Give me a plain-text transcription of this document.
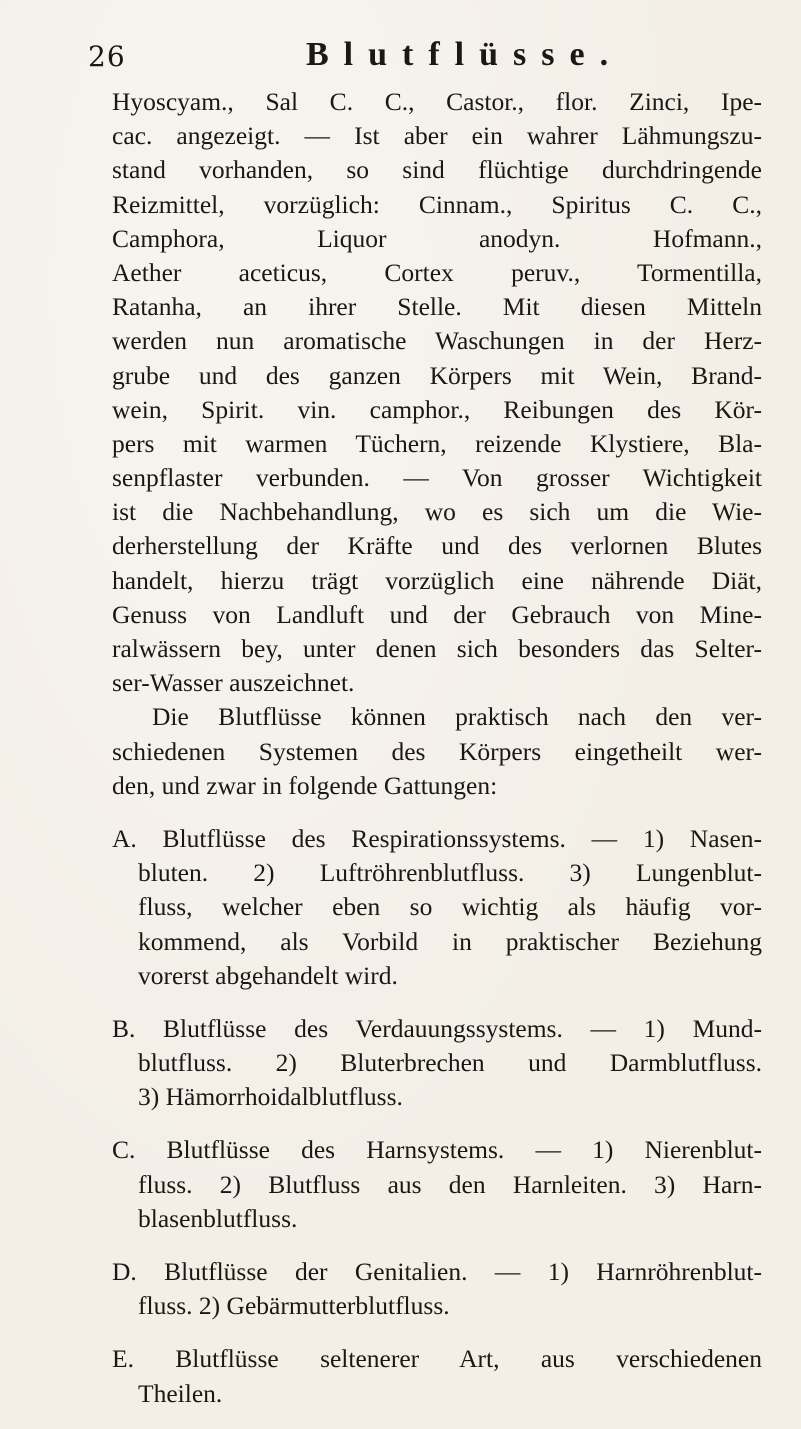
26	Blutflüsse.
Hyoscyam., Sal C. C., Castor., flor. Zinci, Ipe-
cac. angezeigt. — Ist aber ein wahrer Lähmungszu-
stand vorhanden, so sind flüchtige durchdringende
Reizmittel, vorzüglich: Cinnam., Spiritus C. C.,
Camphora, Liquor anodyn. Hofmann.,
Aether aceticus, Cortex peruv., Tormentilla,
Ratanha, an ihrer Stelle. Mit diesen Mitteln
werden nun aromatische Waschungen in der Herz-
grube und des ganzen Körpers mit Wein, Brand-
wein, Spirit. vin. camphor., Reibungen des Kör-
pers mit warmen Tüchern, reizende Klystiere, Bla-
senpflaster verbunden. — Von grosser Wichtigkeit
ist die Nachbehandlung, wo es sich um die Wie-
derherstellung der Kräfte und des verlornen Blutes
handelt, hierzu trägt vorzüglich eine nährende Diät,
Genuss von Landluft und der Gebrauch von Mine-
ralwässern bey, unter denen sich besonders das Selter-
ser-Wasser auszeichnet.
Die Blutflüsse können praktisch nach den ver-
schiedenen Systemen des Körpers eingetheilt wer-
den, und zwar in folgende Gattungen:
A. Blutflüsse des Respirationssystems. — 1) Nasen-
bluten. 2) Luftröhrenblutfluss. 3) Lungenblut-
fluss, welcher eben so wichtig als häufig vor-
kommend, als Vorbild in praktischer Beziehung
vorerst abgehandelt wird.
B. Blutflüsse des Verdauungssystems. — 1) Mund-
blutfluss. 2) Bluterbrechen und Darmblutfluss.
3) Hämorrhoidalblutfluss.
C. Blutflüsse des Harnsystems. — 1) Nierenblut-
fluss. 2) Blutfluss aus den Harnleiten. 3) Harn-
blasenblutfluss.
D. Blutflüsse der Genitalien. — 1) Harnröhrenblut-
fluss. 2) Gebärmutterblutfluss.
E. Blutflüsse seltenerer Art, aus verschiedenen
Theilen.
